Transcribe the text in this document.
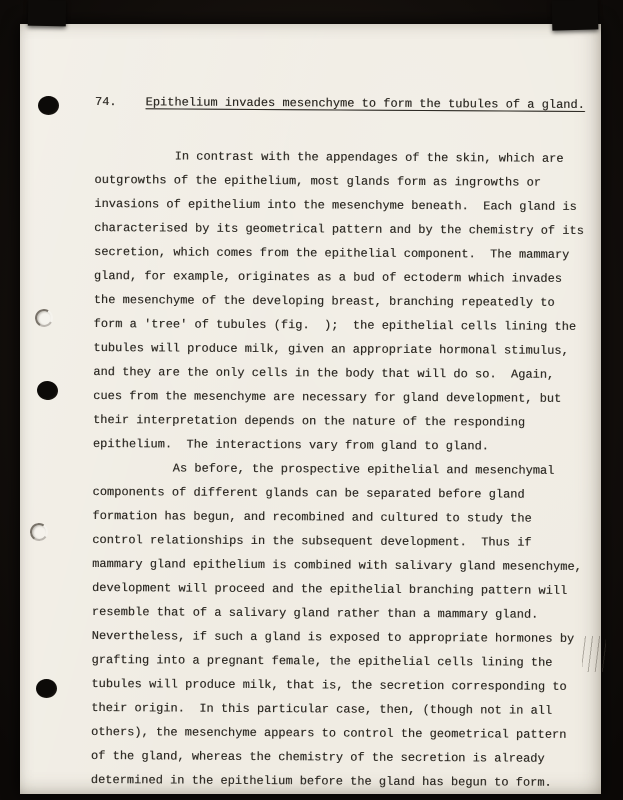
74. Epithelium invades mesenchyme to form the tubules of a gland.

In contrast with the appendages of the skin, which are
outgrowths of the epithelium, most glands form as ingrowths or
invasions of epithelium into the mesenchyme beneath.  Each gland is
characterised by its geometrical pattern and by the chemistry of its
secretion, which comes from the epithelial component.  The mammary
gland, for example, originates as a bud of ectoderm which invades
the mesenchyme of the developing breast, branching repeatedly to
form a 'tree' of tubules (fig.  );  the epithelial cells lining the
tubules will produce milk, given an appropriate hormonal stimulus,
and they are the only cells in the body that will do so.  Again,
cues from the mesenchyme are necessary for gland development, but
their interpretation depends on the nature of the responding
epithelium.  The interactions vary from gland to gland.

As before, the prospective epithelial and mesenchymal
components of different glands can be separated before gland
formation has begun, and recombined and cultured to study the
control relationships in the subsequent development.  Thus if
mammary gland epithelium is combined with salivary gland mesenchyme,
development will proceed and the epithelial branching pattern will
resemble that of a salivary gland rather than a mammary gland.
Nevertheless, if such a gland is exposed to appropriate hormones by
grafting into a pregnant female, the epithelial cells lining the
tubules will produce milk, that is, the secretion corresponding to
their origin.  In this particular case, then, (though not in all
others), the mesenchyme appears to control the geometrical pattern
of the gland, whereas the chemistry of the secretion is already
determined in the epithelium before the gland has begun to form.
